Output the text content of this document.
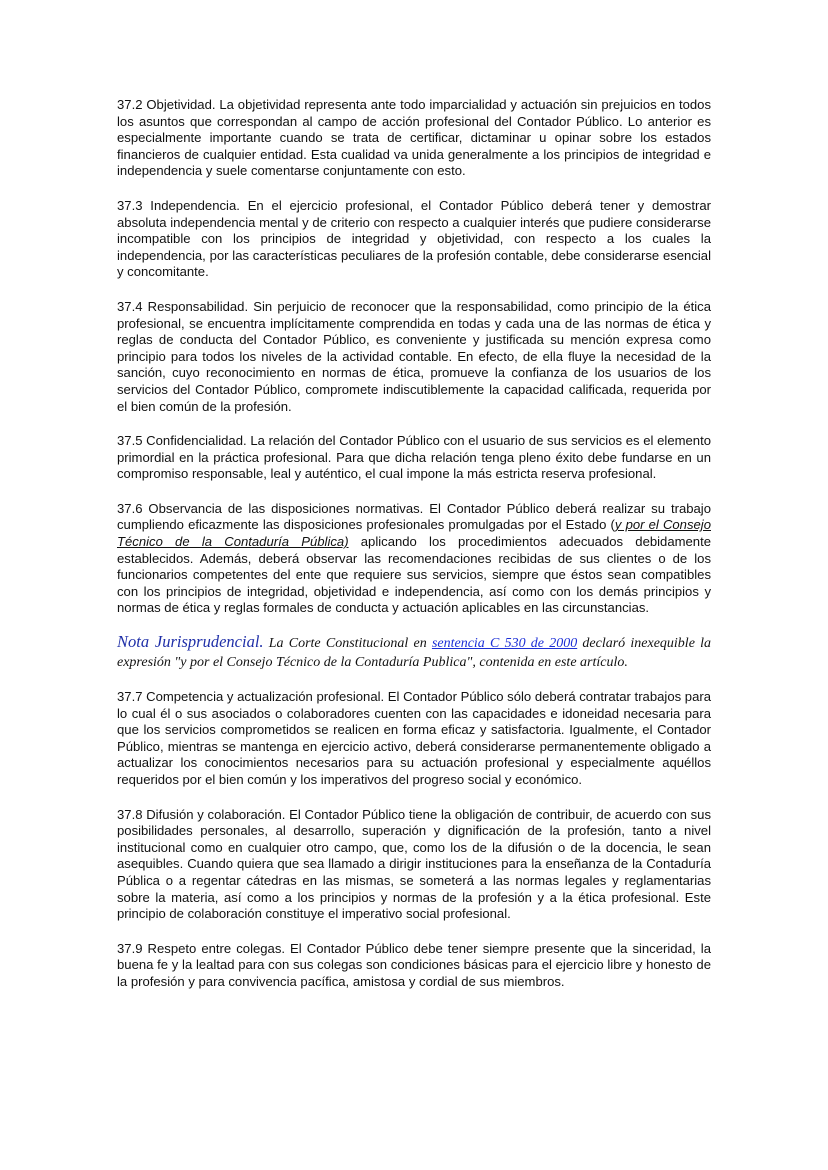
37.2 Objetividad. La objetividad representa ante todo imparcialidad y actuación sin prejuicios en todos los asuntos que correspondan al campo de acción profesional del Contador Público. Lo anterior es especialmente importante cuando se trata de certificar, dictaminar u opinar sobre los estados financieros de cualquier entidad. Esta cualidad va unida generalmente a los principios de integridad e independencia y suele comentarse conjuntamente con esto.

37.3 Independencia. En el ejercicio profesional, el Contador Público deberá tener y demostrar absoluta independencia mental y de criterio con respecto a cualquier interés que pudiere considerarse incompatible con los principios de integridad y objetividad, con respecto a los cuales la independencia, por las características peculiares de la profesión contable, debe considerarse esencial y concomitante.

37.4 Responsabilidad. Sin perjuicio de reconocer que la responsabilidad, como principio de la ética profesional, se encuentra implícitamente comprendida en todas y cada una de las normas de ética y reglas de conducta del Contador Público, es conveniente y justificada su mención expresa como principio para todos los niveles de la actividad contable. En efecto, de ella fluye la necesidad de la sanción, cuyo reconocimiento en normas de ética, promueve la confianza de los usuarios de los servicios del Contador Público, compromete indiscutiblemente la capacidad calificada, requerida por el bien común de la profesión.

37.5 Confidencialidad. La relación del Contador Público con el usuario de sus servicios es el elemento primordial en la práctica profesional. Para que dicha relación tenga pleno éxito debe fundarse en un compromiso responsable, leal y auténtico, el cual impone la más estricta reserva profesional.

37.6 Observancia de las disposiciones normativas. El Contador Público deberá realizar su trabajo cumpliendo eficazmente las disposiciones profesionales promulgadas por el Estado (y por el Consejo Técnico de la Contaduría Pública) aplicando los procedimientos adecuados debidamente establecidos. Además, deberá observar las recomendaciones recibidas de sus clientes o de los funcionarios competentes del ente que requiere sus servicios, siempre que éstos sean compatibles con los principios de integridad, objetividad e independencia, así como con los demás principios y normas de ética y reglas formales de conducta y actuación aplicables en las circunstancias.

Nota Jurisprudencial. La Corte Constitucional en sentencia C 530 de 2000 declaró inexequible la expresión "y por el Consejo Técnico de la Contaduría Publica", contenida en este artículo.

37.7 Competencia y actualización profesional. El Contador Público sólo deberá contratar trabajos para lo cual él o sus asociados o colaboradores cuenten con las capacidades e idoneidad necesaria para que los servicios comprometidos se realicen en forma eficaz y satisfactoria. Igualmente, el Contador Público, mientras se mantenga en ejercicio activo, deberá considerarse permanentemente obligado a actualizar los conocimientos necesarios para su actuación profesional y especialmente aquéllos requeridos por el bien común y los imperativos del progreso social y económico.

37.8 Difusión y colaboración. El Contador Público tiene la obligación de contribuir, de acuerdo con sus posibilidades personales, al desarrollo, superación y dignificación de la profesión, tanto a nivel institucional como en cualquier otro campo, que, como los de la difusión o de la docencia, le sean asequibles. Cuando quiera que sea llamado a dirigir instituciones para la enseñanza de la Contaduría Pública o a regentar cátedras en las mismas, se someterá a las normas legales y reglamentarias sobre la materia, así como a los principios y normas de la profesión y a la ética profesional. Este principio de colaboración constituye el imperativo social profesional.

37.9 Respeto entre colegas. El Contador Público debe tener siempre presente que la sinceridad, la buena fe y la lealtad para con sus colegas son condiciones básicas para el ejercicio libre y honesto de la profesión y para convivencia pacífica, amistosa y cordial de sus miembros.
